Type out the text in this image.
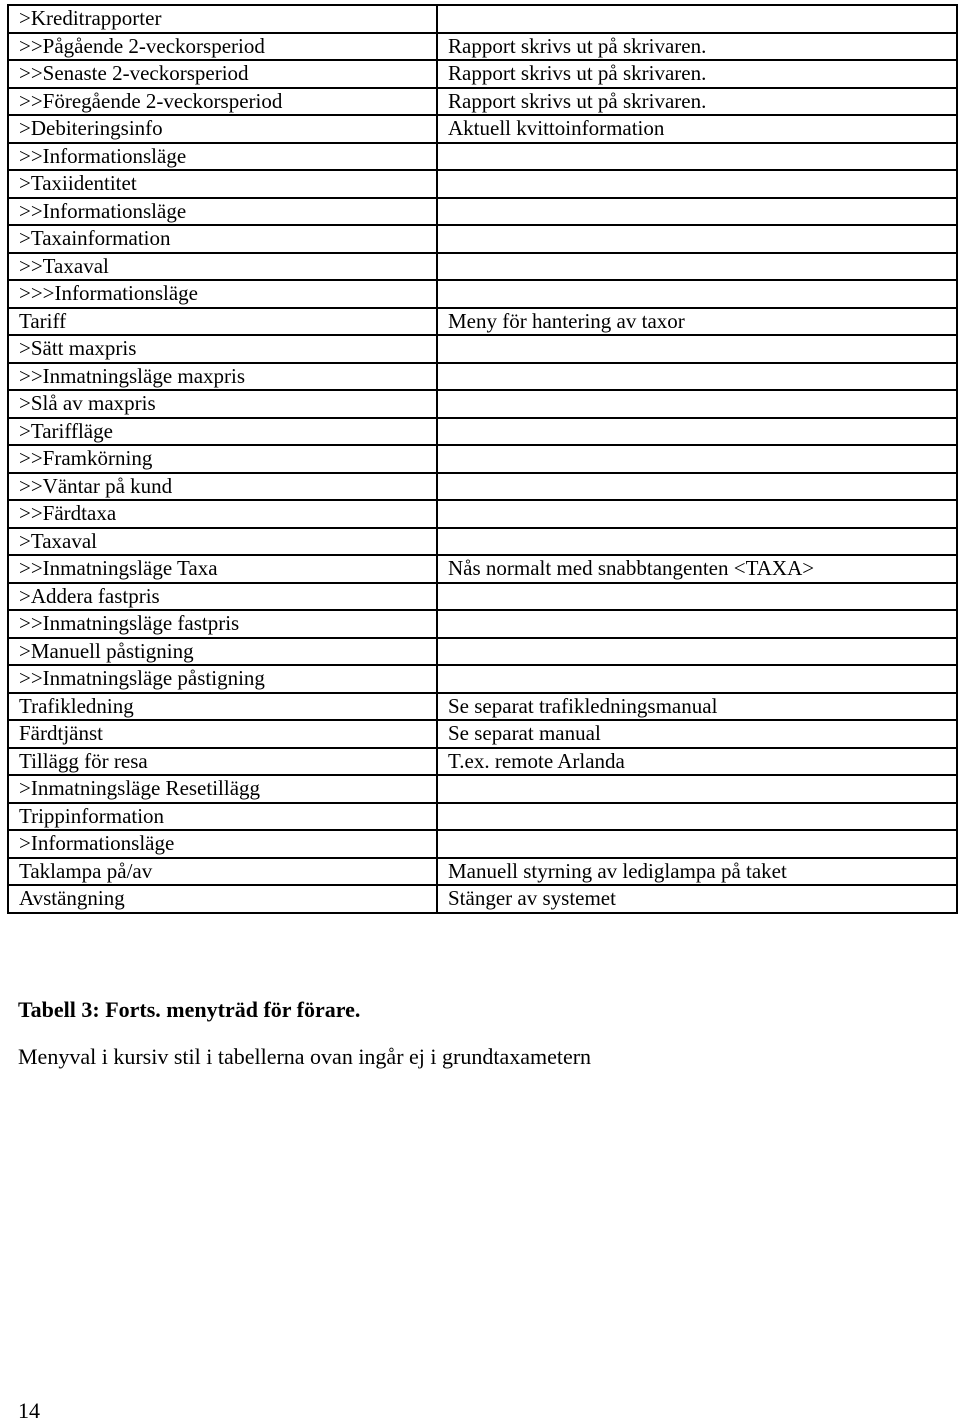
>Kreditrapporter	
>>Pågående 2-veckorsperiod	Rapport skrivs ut på skrivaren.
>>Senaste 2-veckorsperiod	Rapport skrivs ut på skrivaren.
>>Föregående 2-veckorsperiod	Rapport skrivs ut på skrivaren.
>Debiteringsinfo	Aktuell kvittoinformation
>>Informationsläge	
>Taxiidentitet	
>>Informationsläge	
>Taxainformation	
>>Taxaval	
>>>Informationsläge	
Tariff	Meny för hantering av taxor
>Sätt maxpris	
>>Inmatningsläge maxpris	
>Slå av maxpris	
>Tariffläge	
>>Framkörning	
>>Väntar på kund	
>>Färdtaxa	
>Taxaval	
>>Inmatningsläge Taxa	Nås normalt med snabbtangenten <TAXA>
>Addera fastpris	
>>Inmatningsläge fastpris	
>Manuell påstigning	
>>Inmatningsläge påstigning	
Trafikledning	Se separat trafikledningsmanual
Färdtjänst	Se separat manual
Tillägg för resa	T.ex. remote Arlanda
>Inmatningsläge Resetillägg	
Trippinformation	
>Informationsläge	
Taklampa på/av	Manuell styrning av lediglampa på taket
Avstängning	Stänger av systemet
Tabell 3: Forts. menyträd för förare.
Menyval i kursiv stil i tabellerna ovan ingår ej i grundtaxametern
14
